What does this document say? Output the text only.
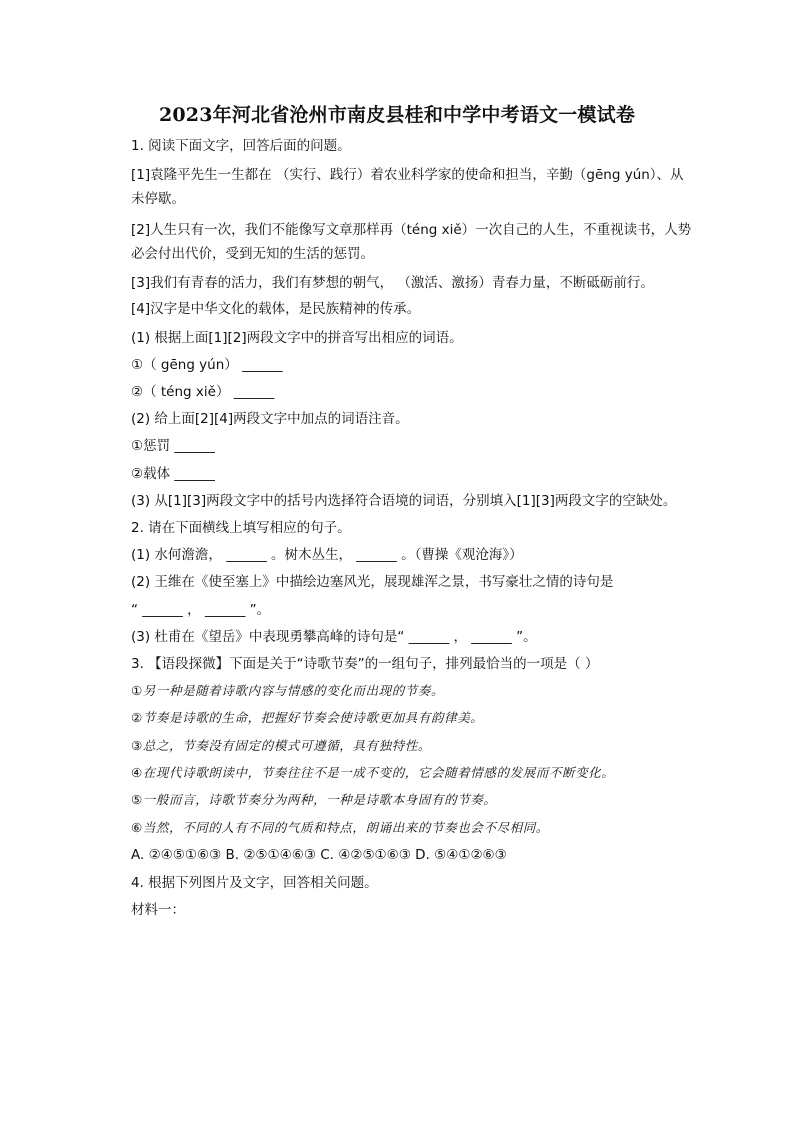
2023年河北省沧州市南皮县桂和中学中考语文一模试卷
1. 阅读下面文字，回答后面的问题。
[1]袁隆平先生一生都在 （实行、践行）着农业科学家的使命和担当，辛勤（gēng yún）、从
未停歇。
[2]人生只有一次，我们不能像写文章那样再（téng xiě）一次自己的人生，不重视读书，人势
必会付出代价，受到无知的生活的惩罚。
[3]我们有青春的活力，我们有梦想的朝气， （激活、激扬）青春力量，不断砥砺前行。
[4]汉字是中华文化的载体，是民族精神的传承。
(1) 根据上面[1][2]两段文字中的拼音写出相应的词语。
①（ gēng yún） ______
②（ téng xiě） ______
(2) 给上面[2][4]两段文字中加点的词语注音。
①惩罚 ______
②载体 ______
(3) 从[1][3]两段文字中的括号内选择符合语境的词语，分别填入[1][3]两段文字的空缺处。
2. 请在下面横线上填写相应的句子。
(1) 水何澹澹， ______ 。树木丛生， ______ 。（曹操《观沧海》）
(2) 王维在《使至塞上》中描绘边塞风光，展现雄浑之景，书写豪壮之情的诗句是
“ ______ ， ______ ”。
(3) 杜甫在《望岳》中表现勇攀高峰的诗句是“ ______ ， ______ ”。
3. 【语段探微】下面是关于“诗歌节奏”的一组句子，排列最恰当的一项是（ ）
①另一种是随着诗歌内容与情感的变化而出现的节奏。
②节奏是诗歌的生命，把握好节奏会使诗歌更加具有韵律美。
③总之，节奏没有固定的模式可遵循，具有独特性。
④在现代诗歌朗读中，节奏往往不是一成不变的，它会随着情感的发展而不断变化。
⑤一般而言，诗歌节奏分为两种，一种是诗歌本身固有的节奏。
⑥当然，不同的人有不同的气质和特点，朗诵出来的节奏也会不尽相同。
A. ②④⑤①⑥③ B. ②⑤①④⑥③ C. ④②⑤①⑥③ D. ⑤④①②⑥③
4. 根据下列图片及文字，回答相关问题。
材料一：
